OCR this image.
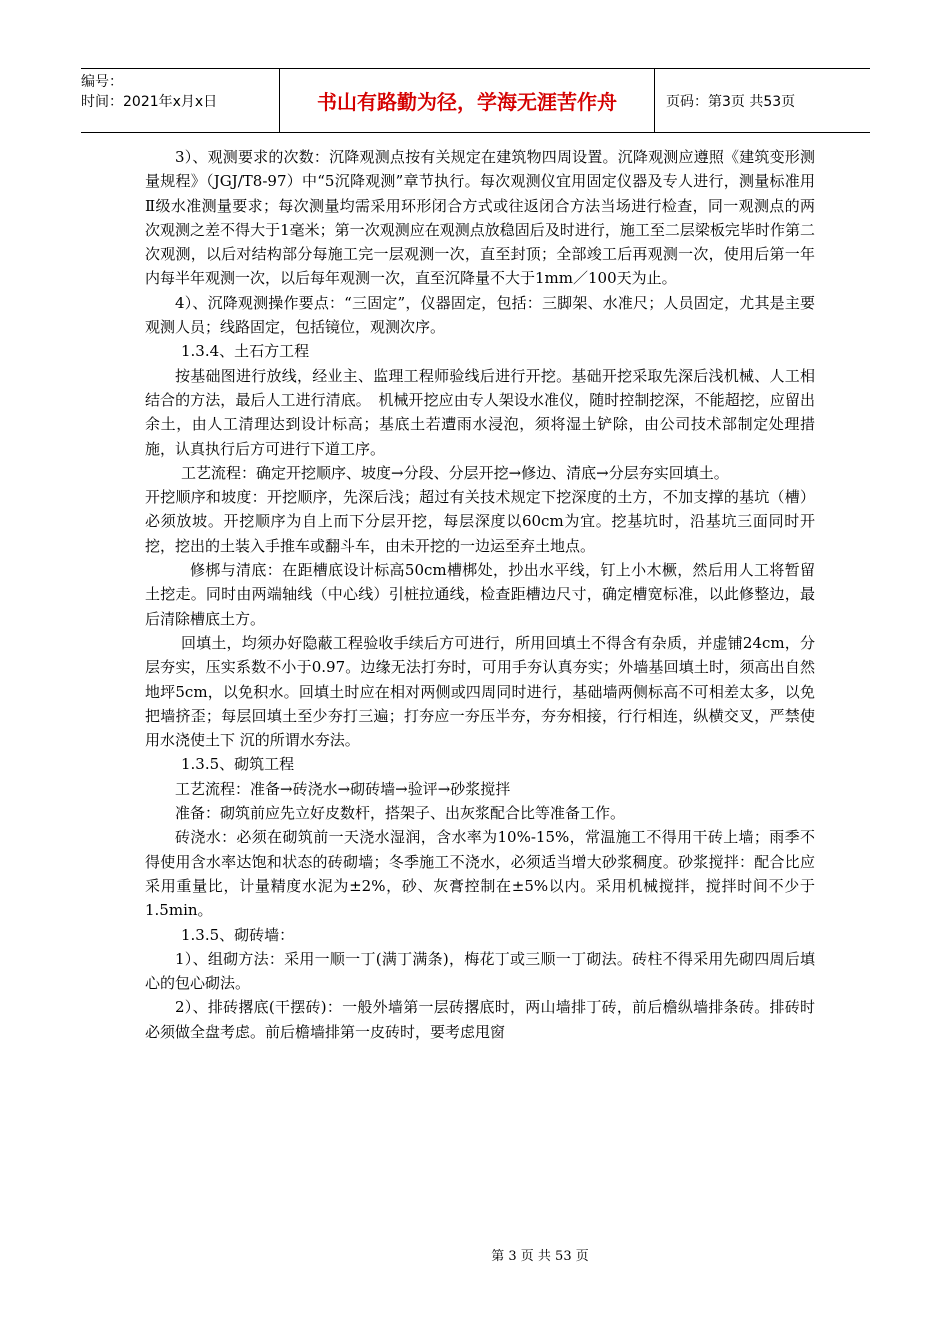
编号：
时间：2021年x月x日	书山有路勤为径，学海无涯苦作舟	页码：第3页 共53页

3）、观测要求的次数：沉降观测点按有关规定在建筑物四周设置。沉降观测应遵照《建筑变形测量规程》（JGJ/T8-97）中“5沉降观测”章节执行。每次观测仪宜用固定仪器及专人进行，测量标准用Ⅱ级水准测量要求；每次测量均需采用环形闭合方式或往返闭合方法当场进行检查，同一观测点的两次观测之差不得大于1毫米；第一次观测应在观测点放稳固后及时进行，施工至二层梁板完毕时作第二次观测，以后对结构部分每施工完一层观测一次，直至封顶；全部竣工后再观测一次，使用后第一年内每半年观测一次，以后每年观测一次，直至沉降量不大于1mm／100天为止。

4）、沉降观测操作要点：“三固定”，仪器固定，包括：三脚架、水准尺；人员固定，尤其是主要观测人员；线路固定，包括镜位，观测次序。

1.3.4、土石方工程

按基础图进行放线，经业主、监理工程师验线后进行开挖。基础开挖采取先深后浅机械、人工相结合的方法，最后人工进行清底。　机械开挖应由专人架设水准仪，随时控制挖深，不能超挖，应留出余土，由人工清理达到设计标高；基底土若遭雨水浸泡，须将湿土铲除，由公司技术部制定处理措施，认真执行后方可进行下道工序。

工艺流程：确定开挖顺序、坡度→分段、分层开挖→修边、清底→分层夯实回填土。

开挖顺序和坡度：开挖顺序，先深后浅；超过有关技术规定下挖深度的土方，不加支撑的基坑（槽）必须放坡。开挖顺序为自上而下分层开挖，每层深度以60cm为宜。挖基坑时，沿基坑三面同时开挖，挖出的土装入手推车或翻斗车，由未开挖的一边运至弃土地点。

修梆与清底：在距槽底设计标高50cm槽梆处，抄出水平线，钉上小木橛，然后用人工将暂留土挖走。同时由两端轴线（中心线）引桩拉通线，检查距槽边尺寸，确定槽宽标准，以此修整边，最后清除槽底土方。

回填土，均须办好隐蔽工程验收手续后方可进行，所用回填土不得含有杂质，并虚铺24cm，分层夯实，压实系数不小于0.97。边缘无法打夯时，可用手夯认真夯实；外墙基回填土时，须高出自然地坪5cm，以免积水。回填土时应在相对两侧或四周同时进行，基础墙两侧标高不可相差太多，以免把墙挤歪；每层回填土至少夯打三遍；打夯应一夯压半夯，夯夯相接，行行相连，纵横交叉，严禁使用水浇使土下 沉的所谓水夯法。

1.3.5、砌筑工程

工艺流程：准备→砖浇水→砌砖墙→验评→砂浆搅拌

准备：砌筑前应先立好皮数杆，搭架子、出灰浆配合比等准备工作。

砖浇水：必须在砌筑前一天浇水湿润，含水率为10%-15%，常温施工不得用干砖上墙；雨季不得使用含水率达饱和状态的砖砌墙；冬季施工不浇水，必须适当增大砂浆稠度。砂浆搅拌：配合比应采用重量比，计量精度水泥为±2%，砂、灰膏控制在±5%以内。采用机械搅拌，搅拌时间不少于1.5min。

1.3.5、砌砖墙：

1）、组砌方法：采用一顺一丁(满丁满条)，梅花丁或三顺一丁砌法。砖柱不得采用先砌四周后填心的包心砌法。

2）、排砖撂底(干摆砖)：一般外墙第一层砖撂底时，两山墙排丁砖，前后檐纵墙排条砖。排砖时必须做全盘考虑。前后檐墙排第一皮砖时，要考虑甩窗

第 3 页 共 53 页
